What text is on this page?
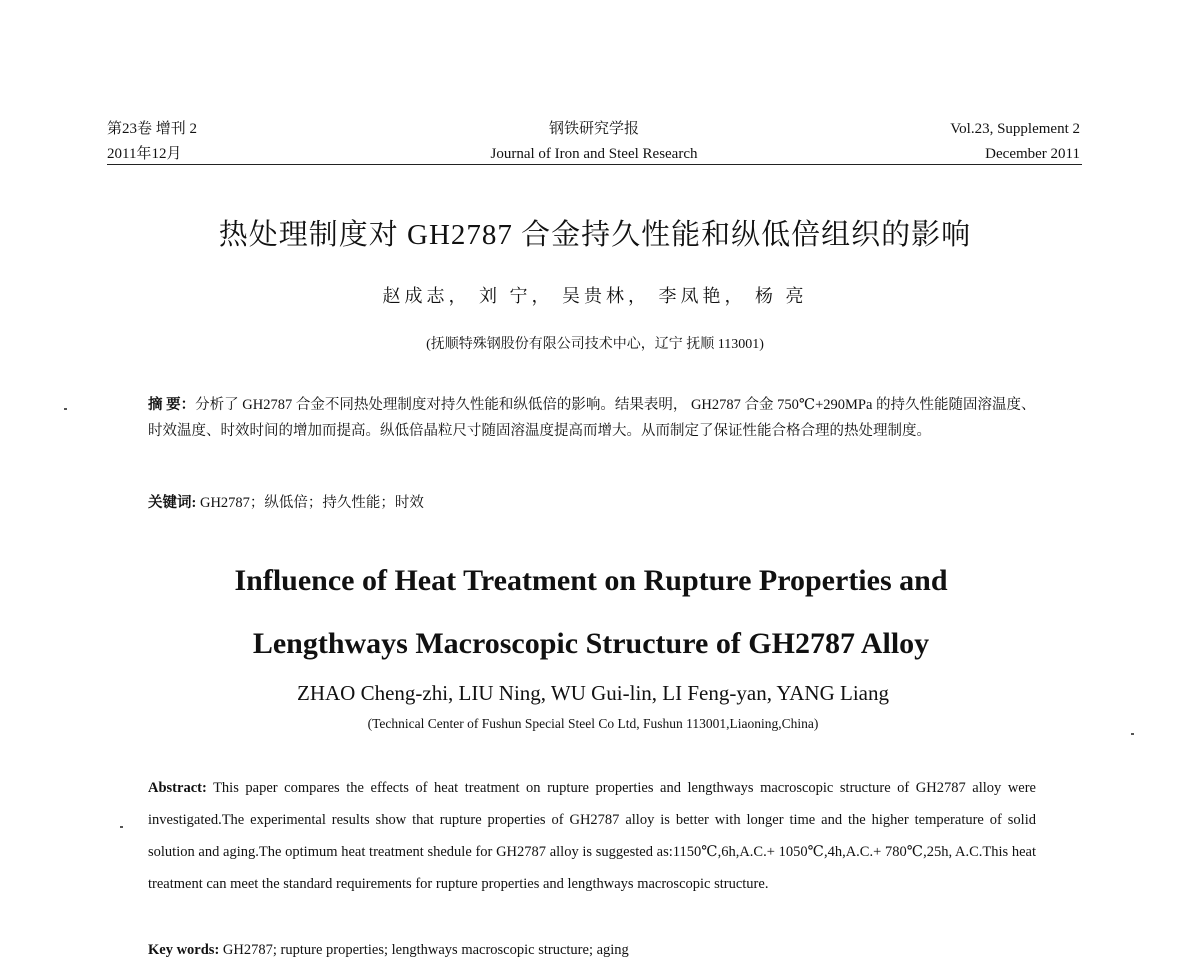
第23卷 增刊 2
2011年12月
钢铁研究学报
Journal of Iron and Steel Research
Vol.23, Supplement 2
December 2011
热处理制度对 GH2787 合金持久性能和纵低倍组织的影响
赵成志， 刘 宁， 吴贵林， 李凤艳， 杨 亮
(抚顺特殊钢股份有限公司技术中心，辽宁 抚顺 113001)
摘 要：分析了 GH2787 合金不同热处理制度对持久性能和纵低倍的影响。结果表明， GH2787 合金 750℃+290MPa 的持久性能随固溶温度、时效温度、时效时间的增加而提高。纵低倍晶粒尺寸随固溶温度提高而增大。从而制定了保证性能合格合理的热处理制度。
关键词: GH2787；纵低倍；持久性能；时效
Influence of Heat Treatment on Rupture Properties and
Lengthways Macroscopic Structure of GH2787 Alloy
ZHAO Cheng-zhi, LIU Ning, WU Gui-lin, LI Feng-yan, YANG Liang
(Technical Center of Fushun Special Steel Co Ltd, Fushun 113001,Liaoning,China)
Abstract: This paper compares the effects of heat treatment on rupture properties and lengthways macroscopic structure of GH2787 alloy were investigated.The experimental results show that rupture properties of GH2787 alloy is better with longer time and the higher temperature of solid solution and aging.The optimum heat treatment shedule for GH2787 alloy is suggested as:1150℃,6h,A.C.+ 1050℃,4h,A.C.+ 780℃,25h, A.C.This heat treatment can meet the standard requirements for rupture properties and lengthways macroscopic structure.
Key words: GH2787; rupture properties; lengthways macroscopic structure; aging
